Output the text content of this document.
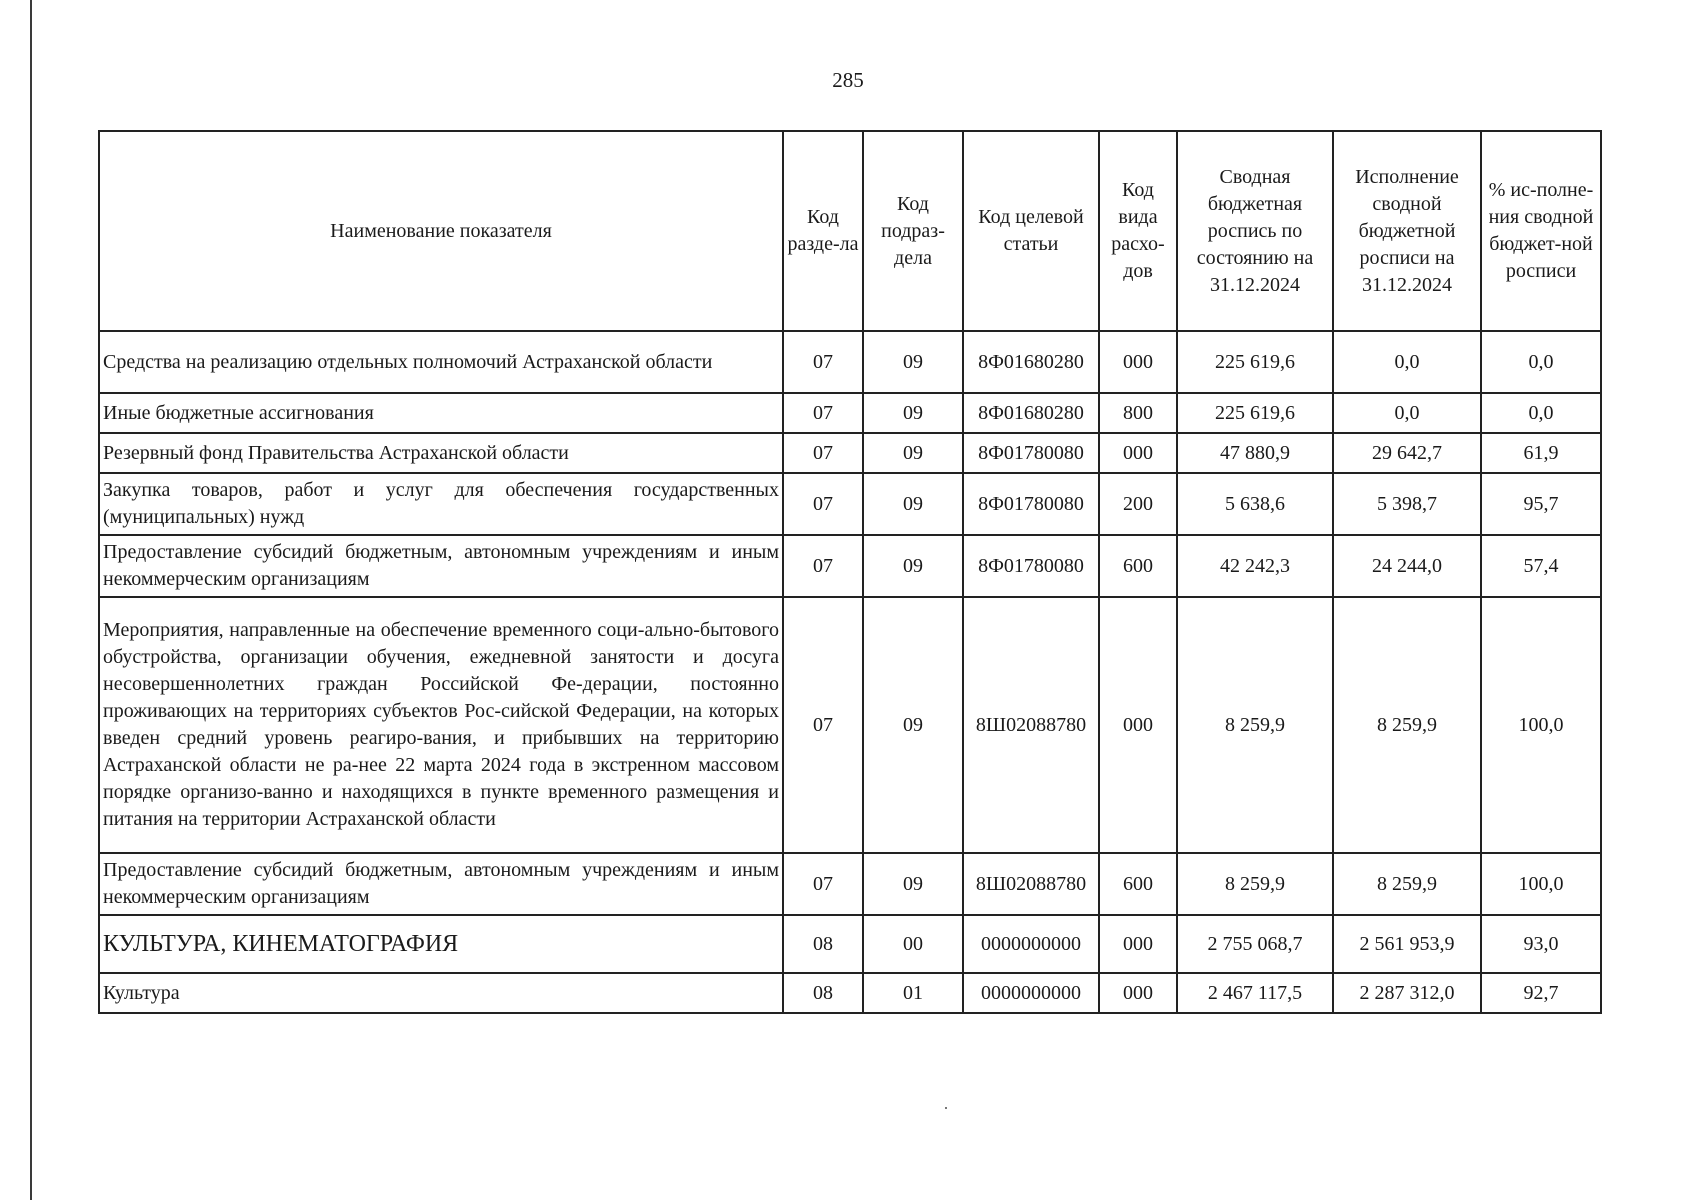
285
Наименование показателя	Код разде-ла	Код подраз-дела	Код целевой статьи	Код вида расхо-дов	Сводная бюджетная роспись по состоянию на 31.12.2024	Исполнение сводной бюджетной росписи на 31.12.2024	% ис-полне-ния сводной бюджет-ной росписи
Средства на реализацию отдельных полномочий Астраханской области	07	09	8Ф01680280	000	225 619,6	0,0	0,0
Иные бюджетные ассигнования	07	09	8Ф01680280	800	225 619,6	0,0	0,0
Резервный фонд Правительства Астраханской области	07	09	8Ф01780080	000	47 880,9	29 642,7	61,9
Закупка товаров, работ и услуг для обеспечения государственных (муниципальных) нужд	07	09	8Ф01780080	200	5 638,6	5 398,7	95,7
Предоставление субсидий бюджетным, автономным учреждениям и иным некоммерческим организациям	07	09	8Ф01780080	600	42 242,3	24 244,0	57,4
Мероприятия, направленные на обеспечение временного соци-ально-бытового обустройства, организации обучения, ежедневной занятости и досуга несовершеннолетних граждан Российской Фе-дерации, постоянно проживающих на территориях субъектов Рос-сийской Федерации, на которых введен средний уровень реагиро-вания, и прибывших на территорию Астраханской области не ра-нее 22 марта 2024 года в экстренном массовом порядке организо-ванно и находящихся в пункте временного размещения и питания на территории Астраханской области	07	09	8Ш02088780	000	8 259,9	8 259,9	100,0
Предоставление субсидий бюджетным, автономным учреждениям и иным некоммерческим организациям	07	09	8Ш02088780	600	8 259,9	8 259,9	100,0
КУЛЬТУРА, КИНЕМАТОГРАФИЯ	08	00	0000000000	000	2 755 068,7	2 561 953,9	93,0
Культура	08	01	0000000000	000	2 467 117,5	2 287 312,0	92,7
